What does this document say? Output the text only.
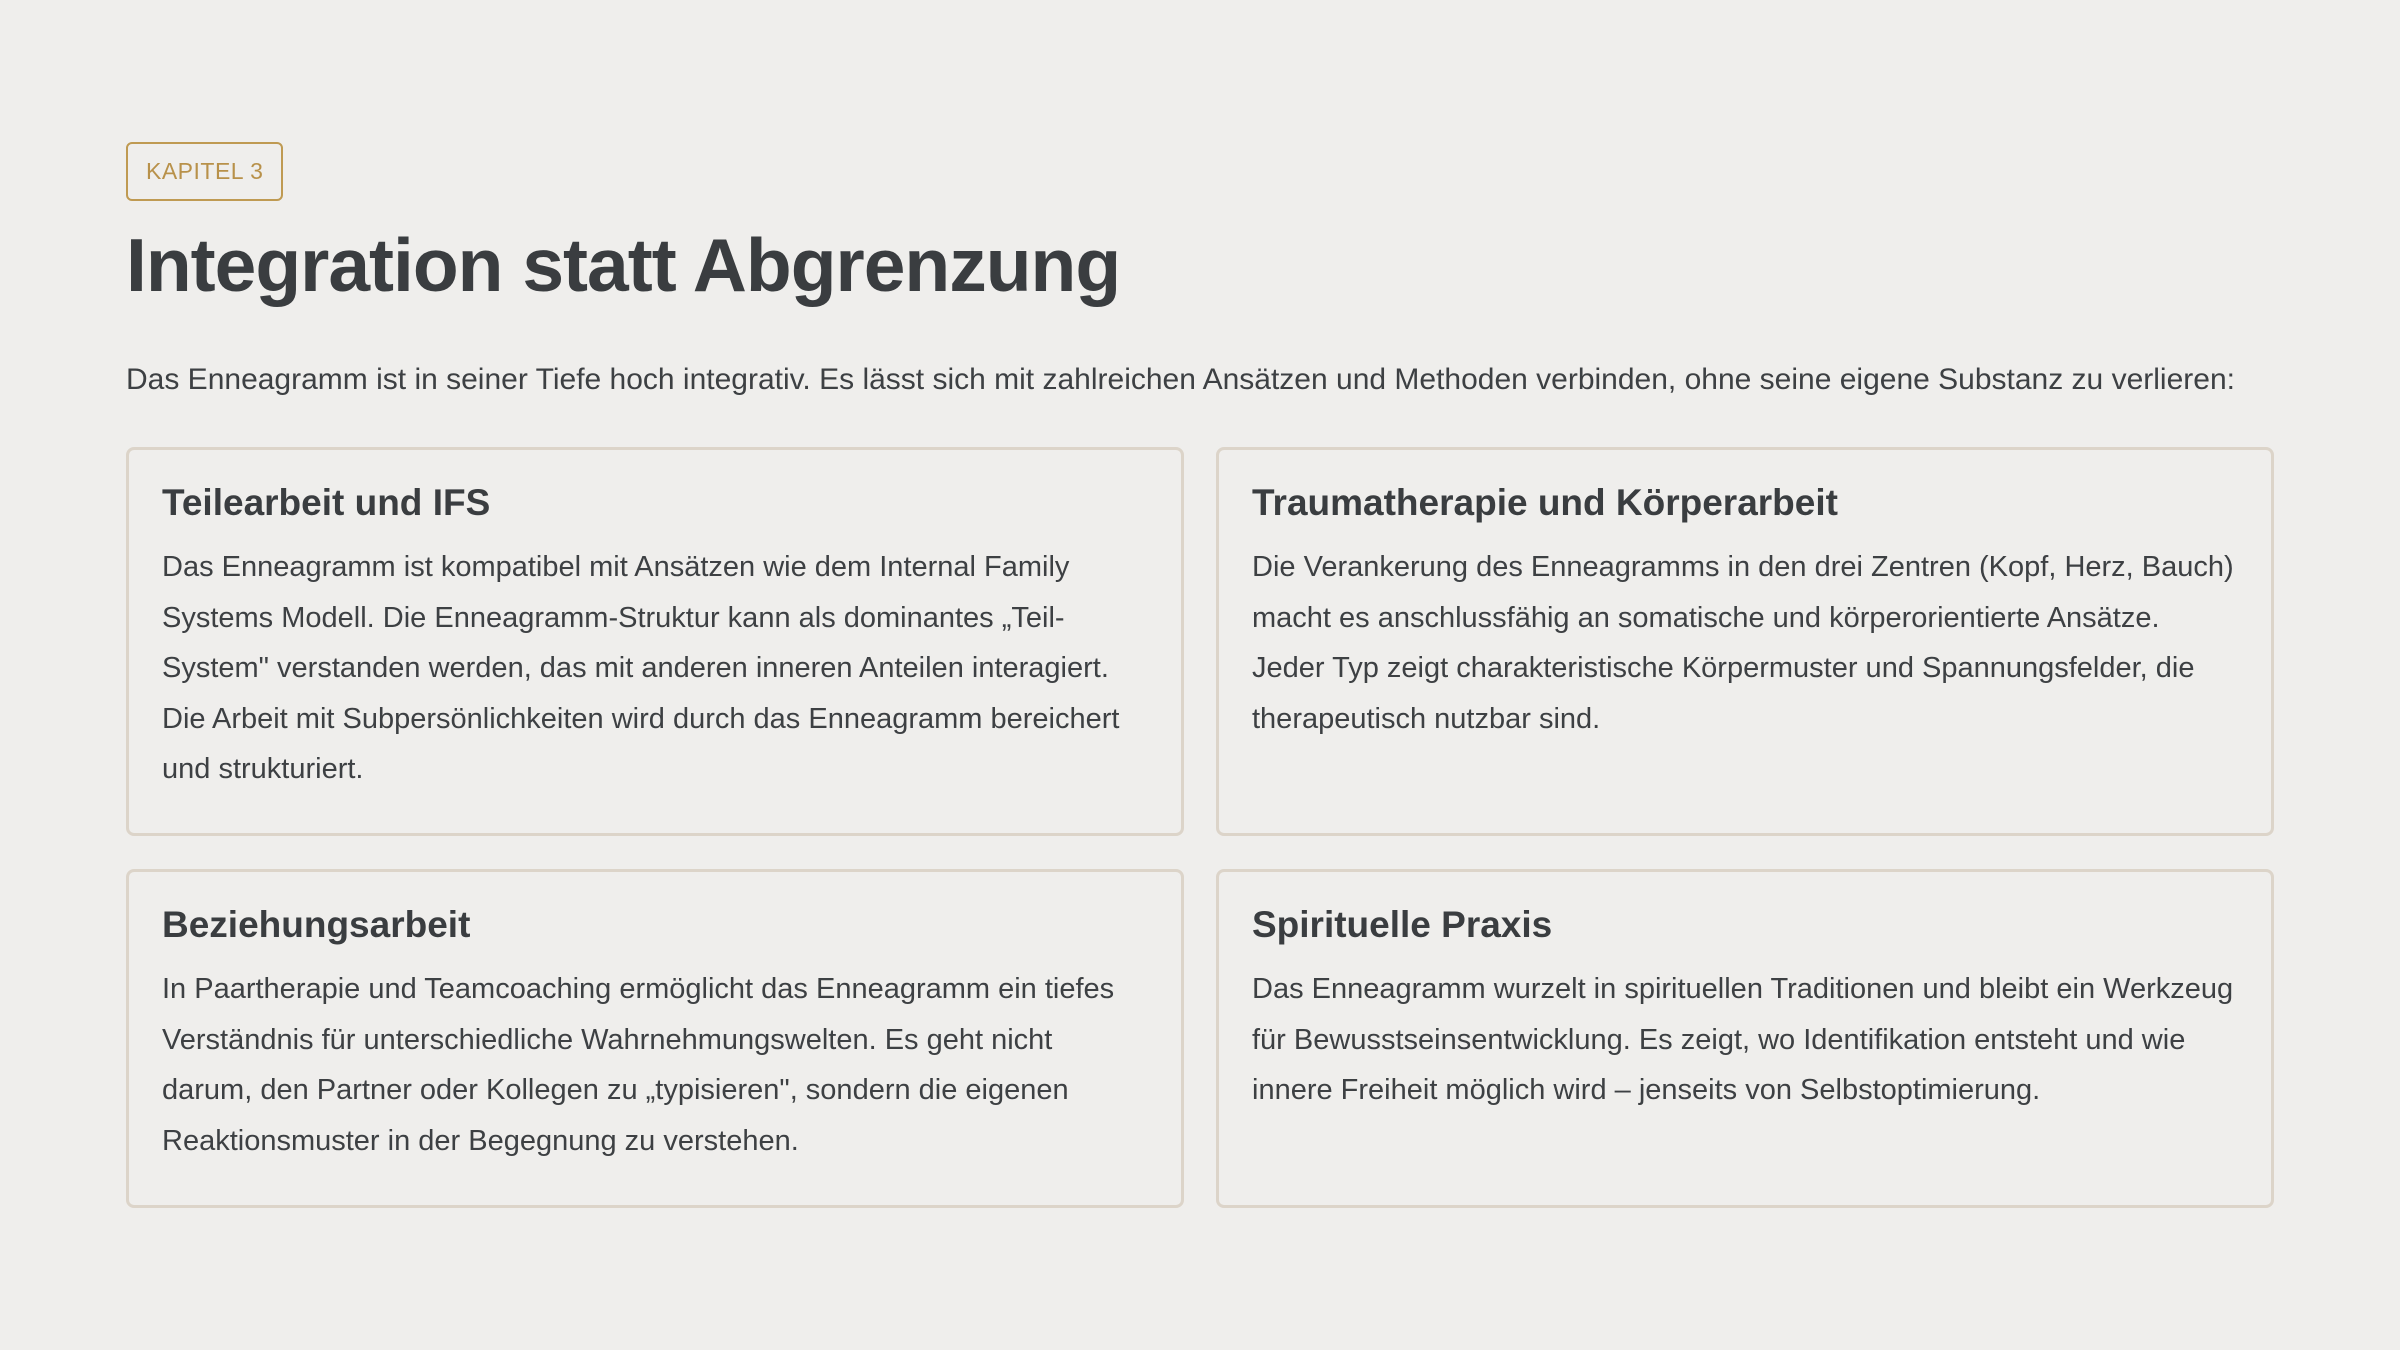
KAPITEL 3
Integration statt Abgrenzung

Das Enneagramm ist in seiner Tiefe hoch integrativ. Es lässt sich mit zahlreichen Ansätzen und Methoden verbinden, ohne seine eigene Substanz zu verlieren:

Teilearbeit und IFS

Das Enneagramm ist kompatibel mit Ansätzen wie dem Internal Family Systems Modell. Die Enneagramm-Struktur kann als dominantes „Teil-System" verstanden werden, das mit anderen inneren Anteilen interagiert. Die Arbeit mit Subpersönlichkeiten wird durch das Enneagramm bereichert und strukturiert.

Traumatherapie und Körperarbeit

Die Verankerung des Enneagramms in den drei Zentren (Kopf, Herz, Bauch) macht es anschlussfähig an somatische und körperorientierte Ansätze. Jeder Typ zeigt charakteristische Körpermuster und Spannungsfelder, die therapeutisch nutzbar sind.

Beziehungsarbeit

In Paartherapie und Teamcoaching ermöglicht das Enneagramm ein tiefes Verständnis für unterschiedliche Wahrnehmungswelten. Es geht nicht darum, den Partner oder Kollegen zu „typisieren", sondern die eigenen Reaktionsmuster in der Begegnung zu verstehen.

Spirituelle Praxis

Das Enneagramm wurzelt in spirituellen Traditionen und bleibt ein Werkzeug für Bewusstseinsentwicklung. Es zeigt, wo Identifikation entsteht und wie innere Freiheit möglich wird – jenseits von Selbstoptimierung.
